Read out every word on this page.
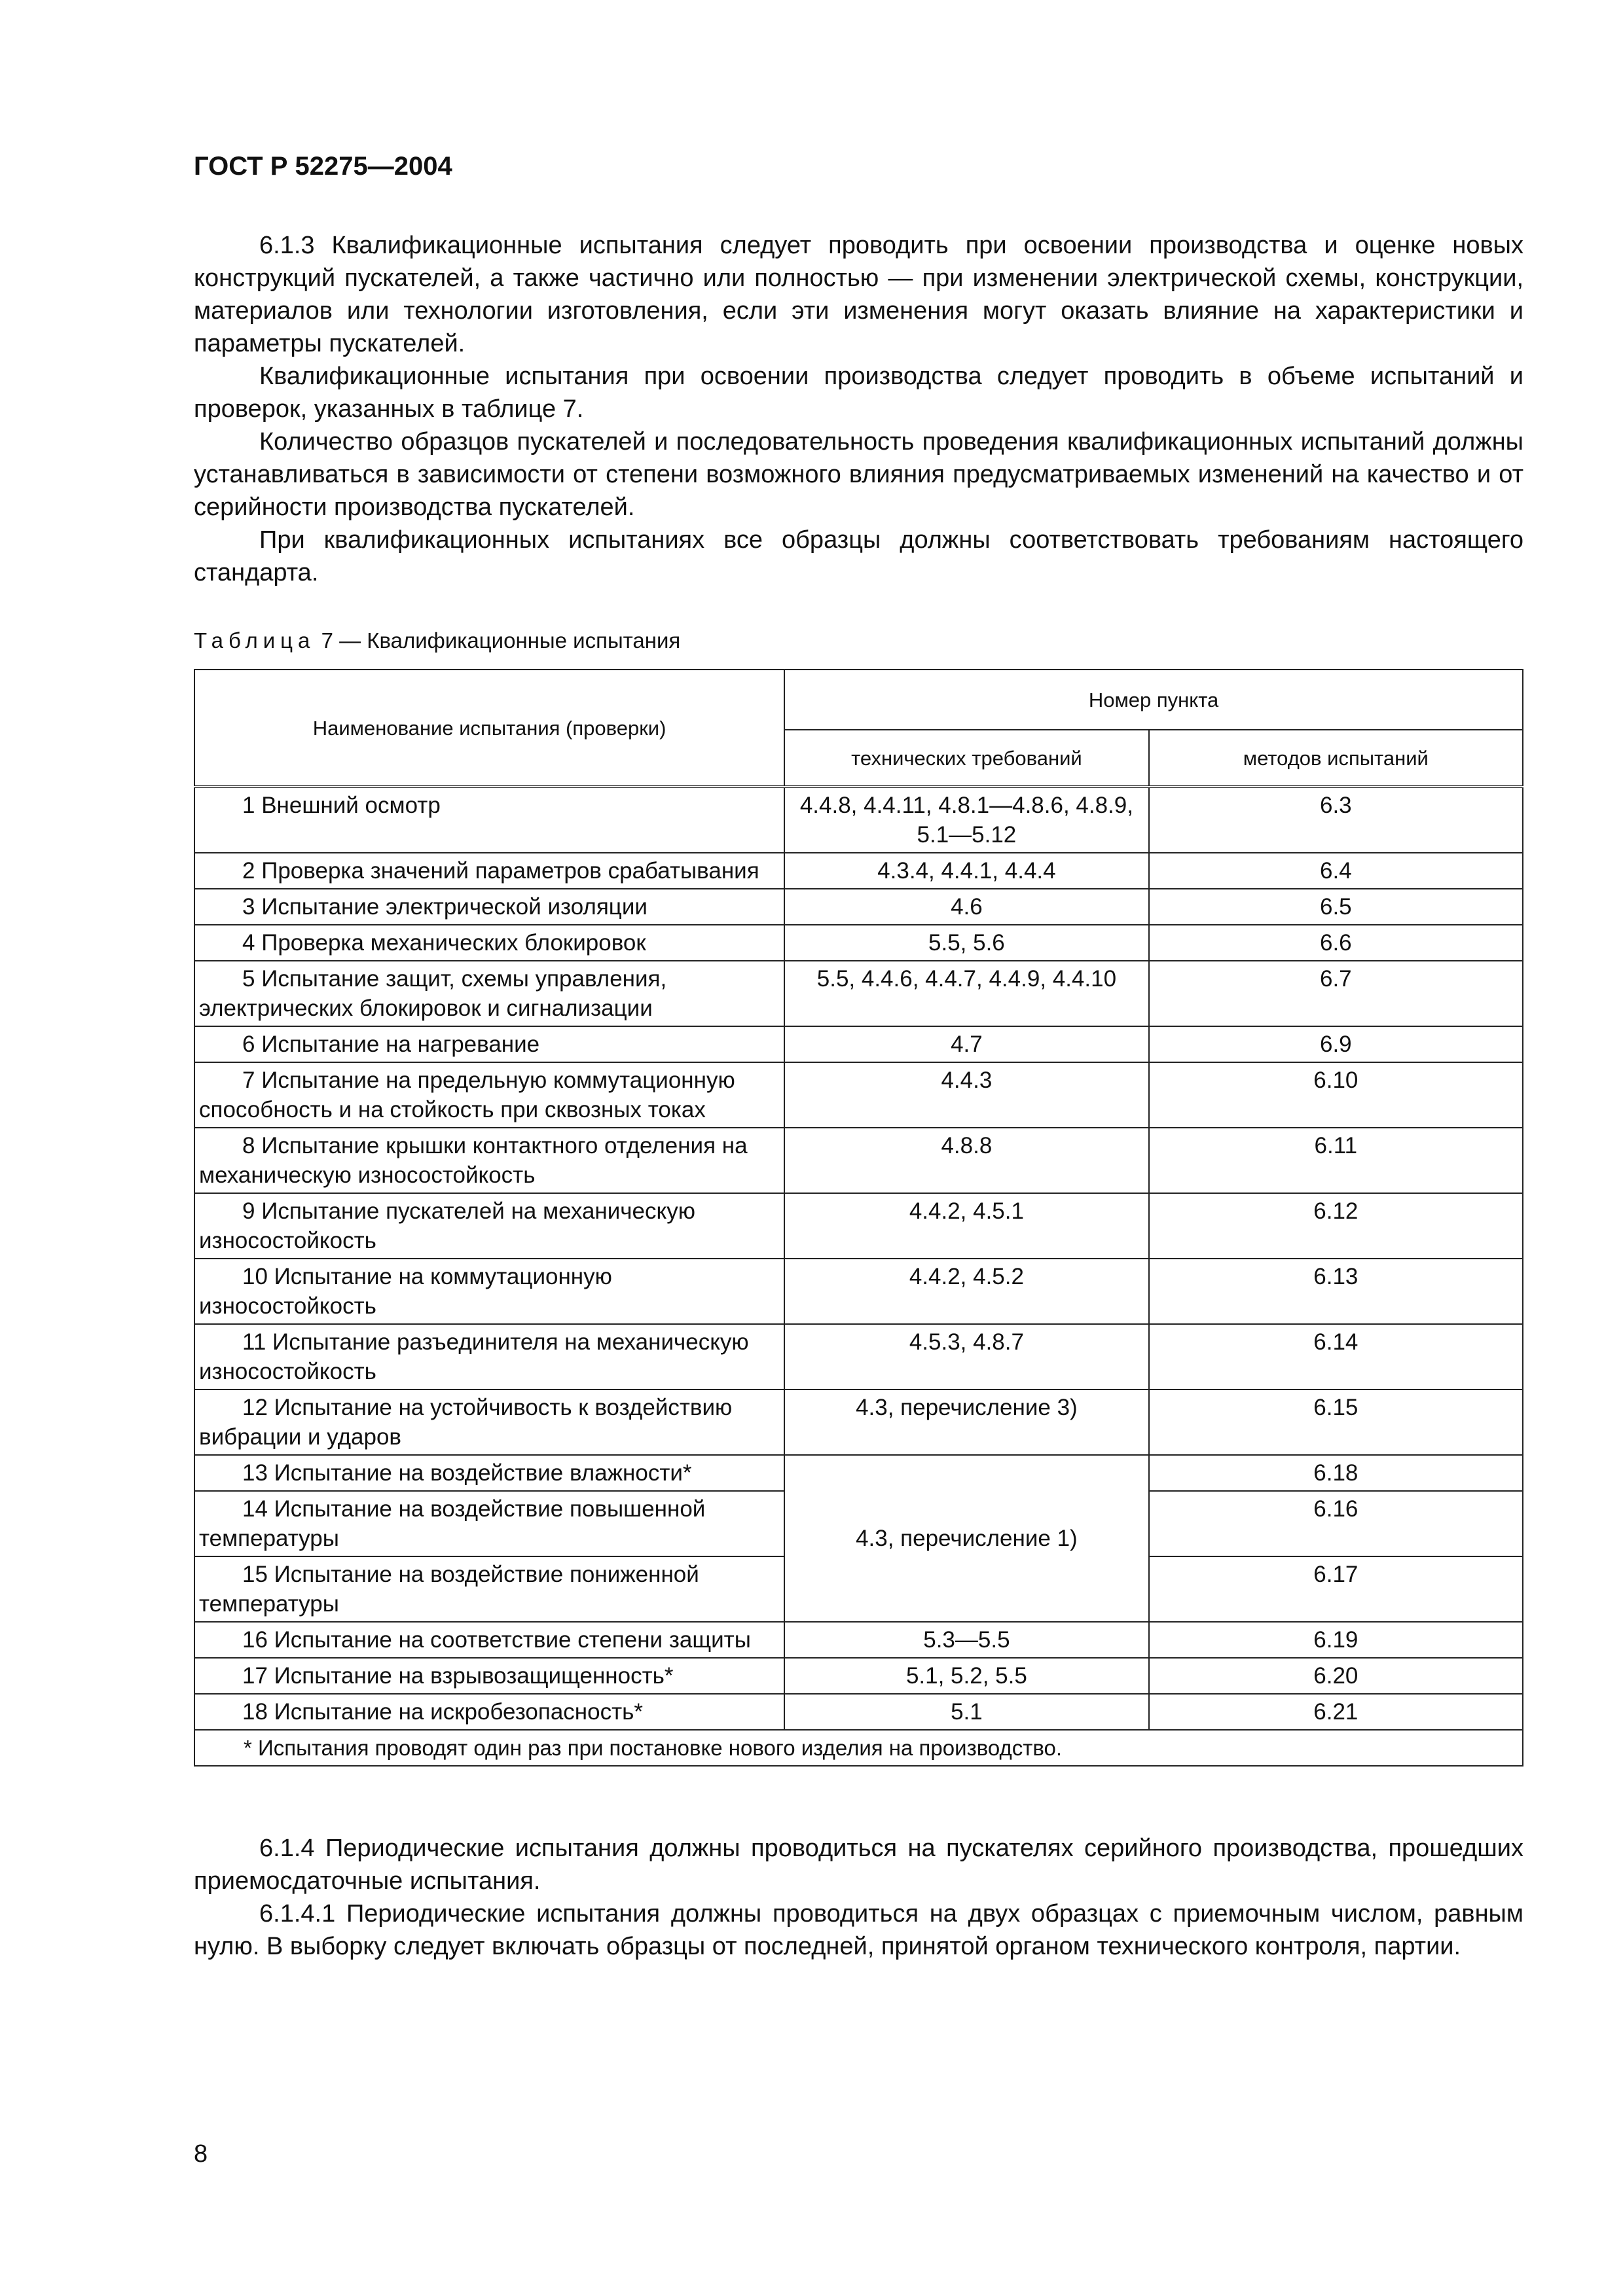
ГОСТ Р 52275—2004

6.1.3 Квалификационные испытания следует проводить при освоении производства и оценке новых конструкций пускателей, а также частично или полностью — при изменении электрической схемы, конструкции, материалов или технологии изготовления, если эти изменения могут оказать влияние на характеристики и параметры пускателей.

Квалификационные испытания при освоении производства следует проводить в объеме испытаний и проверок, указанных в таблице 7.

Количество образцов пускателей и последовательность проведения квалификационных испытаний должны устанавливаться в зависимости от степени возможного влияния предусматриваемых изменений на качество и от серийности производства пускателей.

При квалификационных испытаниях все образцы должны соответствовать требованиям настоящего стандарта.

Таблица 7 — Квалификационные испытания
Наименование испытания (проверки)	Номер пункта	
	технических требований	методов испытаний
1 Внешний осмотр	4.4.8, 4.4.11, 4.8.1—4.8.6, 4.8.9, 5.1—5.12	6.3
2 Проверка значений параметров срабатывания	4.3.4, 4.4.1, 4.4.4	6.4
3 Испытание электрической изоляции	4.6	6.5
4 Проверка механических блокировок	5.5, 5.6	6.6
5 Испытание защит, схемы управления, электрических блокировок и сигнализации	5.5, 4.4.6, 4.4.7, 4.4.9, 4.4.10	6.7
6 Испытание на нагревание	4.7	6.9
7 Испытание на предельную коммутационную способность и на стойкость при сквозных токах	4.4.3	6.10
8 Испытание крышки контактного отделения на механическую износостойкость	4.8.8	6.11
9 Испытание пускателей на механическую износостойкость	4.4.2, 4.5.1	6.12
10 Испытание на коммутационную износостойкость	4.4.2, 4.5.2	6.13
11 Испытание разъединителя на механическую износостойкость	4.5.3, 4.8.7	6.14
12 Испытание на устойчивость к воздействию вибрации и ударов	4.3, перечисление 3)	6.15
13 Испытание на воздействие влажности*	4.3, перечисление 1)	6.18
14 Испытание на воздействие повышенной температуры		6.16
15 Испытание на воздействие пониженной температуры		6.17
16 Испытание на соответствие степени защиты	5.3—5.5	6.19
17 Испытание на взрывозащищенность*	5.1, 5.2, 5.5	6.20
18 Испытание на искробезопасность*	5.1	6.21
* Испытания проводят один раз при постановке нового изделия на производство.		

6.1.4 Периодические испытания должны проводиться на пускателях серийного производства, прошедших приемосдаточные испытания.

6.1.4.1 Периодические испытания должны проводиться на двух образцах с приемочным числом, равным нулю. В выборку следует включать образцы от последней, принятой органом технического контроля, партии.

8
